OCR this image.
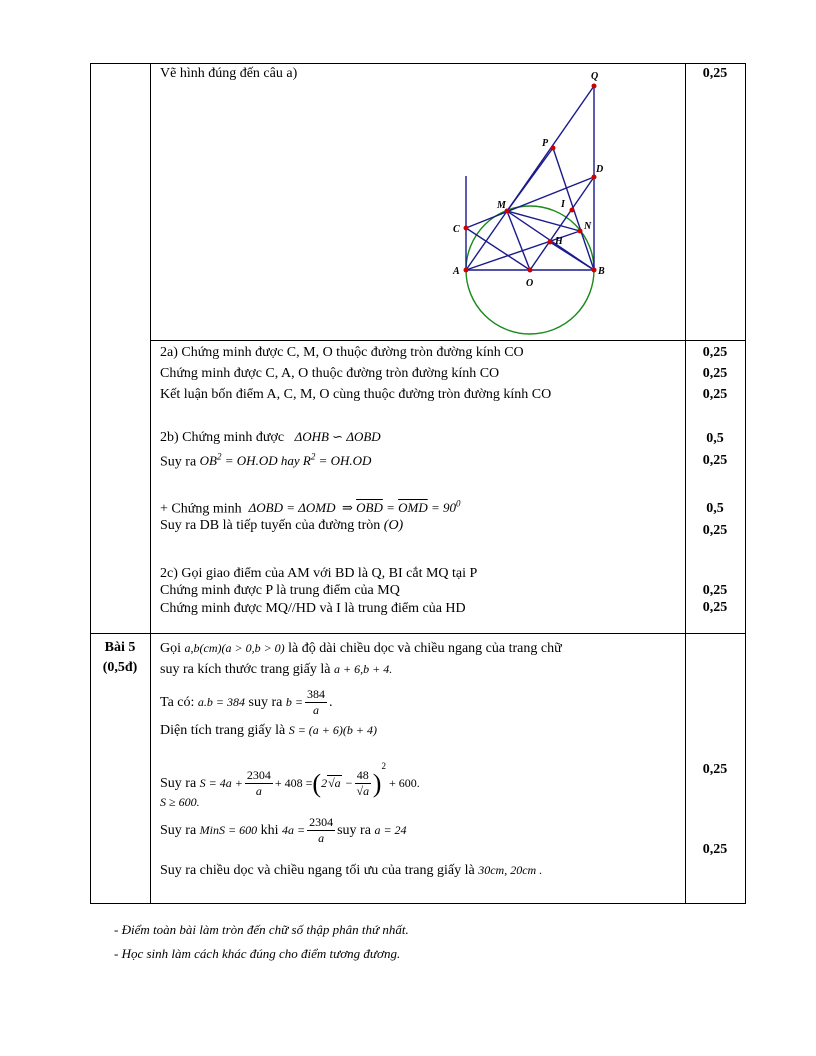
Vẽ hình đúng đến câu a)	0,25
Q
P
D
I
M
N
C
H
A
O
B
2a) Chứng minh được C, M, O thuộc đường tròn đường kính CO
Chứng minh được C, A, O thuộc đường tròn đường kính CO
Kết luận bốn điểm A, C, M, O cùng thuộc đường tròn đường kính CO
0,25
0,25
0,25
2b) Chứng minh được ΔOHB ∽ ΔOBD
Suy ra $OB^2 = OH.OD$ hay $R^2 = OH.OD$
0,5
0,25
+ Chứng minh ΔOBD = ΔOMD  ⇒ $\overline{OBD} = \overline{OMD} = 90^0$
Suy ra DB là tiếp tuyến của đường tròn (O)
0,5
0,25
2c) Gọi giao điểm của AM với BD là Q, BI cắt MQ tại P
Chứng minh được P là trung điểm của MQ
Chứng minh được MQ//HD và I là trung điểm của HD
0,25
0,25
Bài 5
(0,5đ)
Gọi a,b(cm)(a > 0,b > 0) là độ dài chiều dọc và chiều ngang của trang chữ
suy ra kích thước trang giấy là a + 6,b + 4.
Ta có: a.b = 384 suy ra $b = \frac{384}{a}$ .
Diện tích trang giấy là S = (a + 6)(b + 4)
Suy ra $S = 4a + \frac{2304}{a} + 408 =(2√a - \frac{48}{√a} )^2 + 600$.
S ≥ 600.
Suy ra MinS = 600 khi $4a = \frac{2304}{a}$ suy ra a = 24
Suy ra chiều dọc và chiều ngang tối ưu của trang giấy là 30cm, 20cm .
0,25
0,25
- Điểm toàn bài làm tròn đến chữ số thập phân thứ nhất.
- Học sinh làm cách khác đúng cho điểm tương đương.
